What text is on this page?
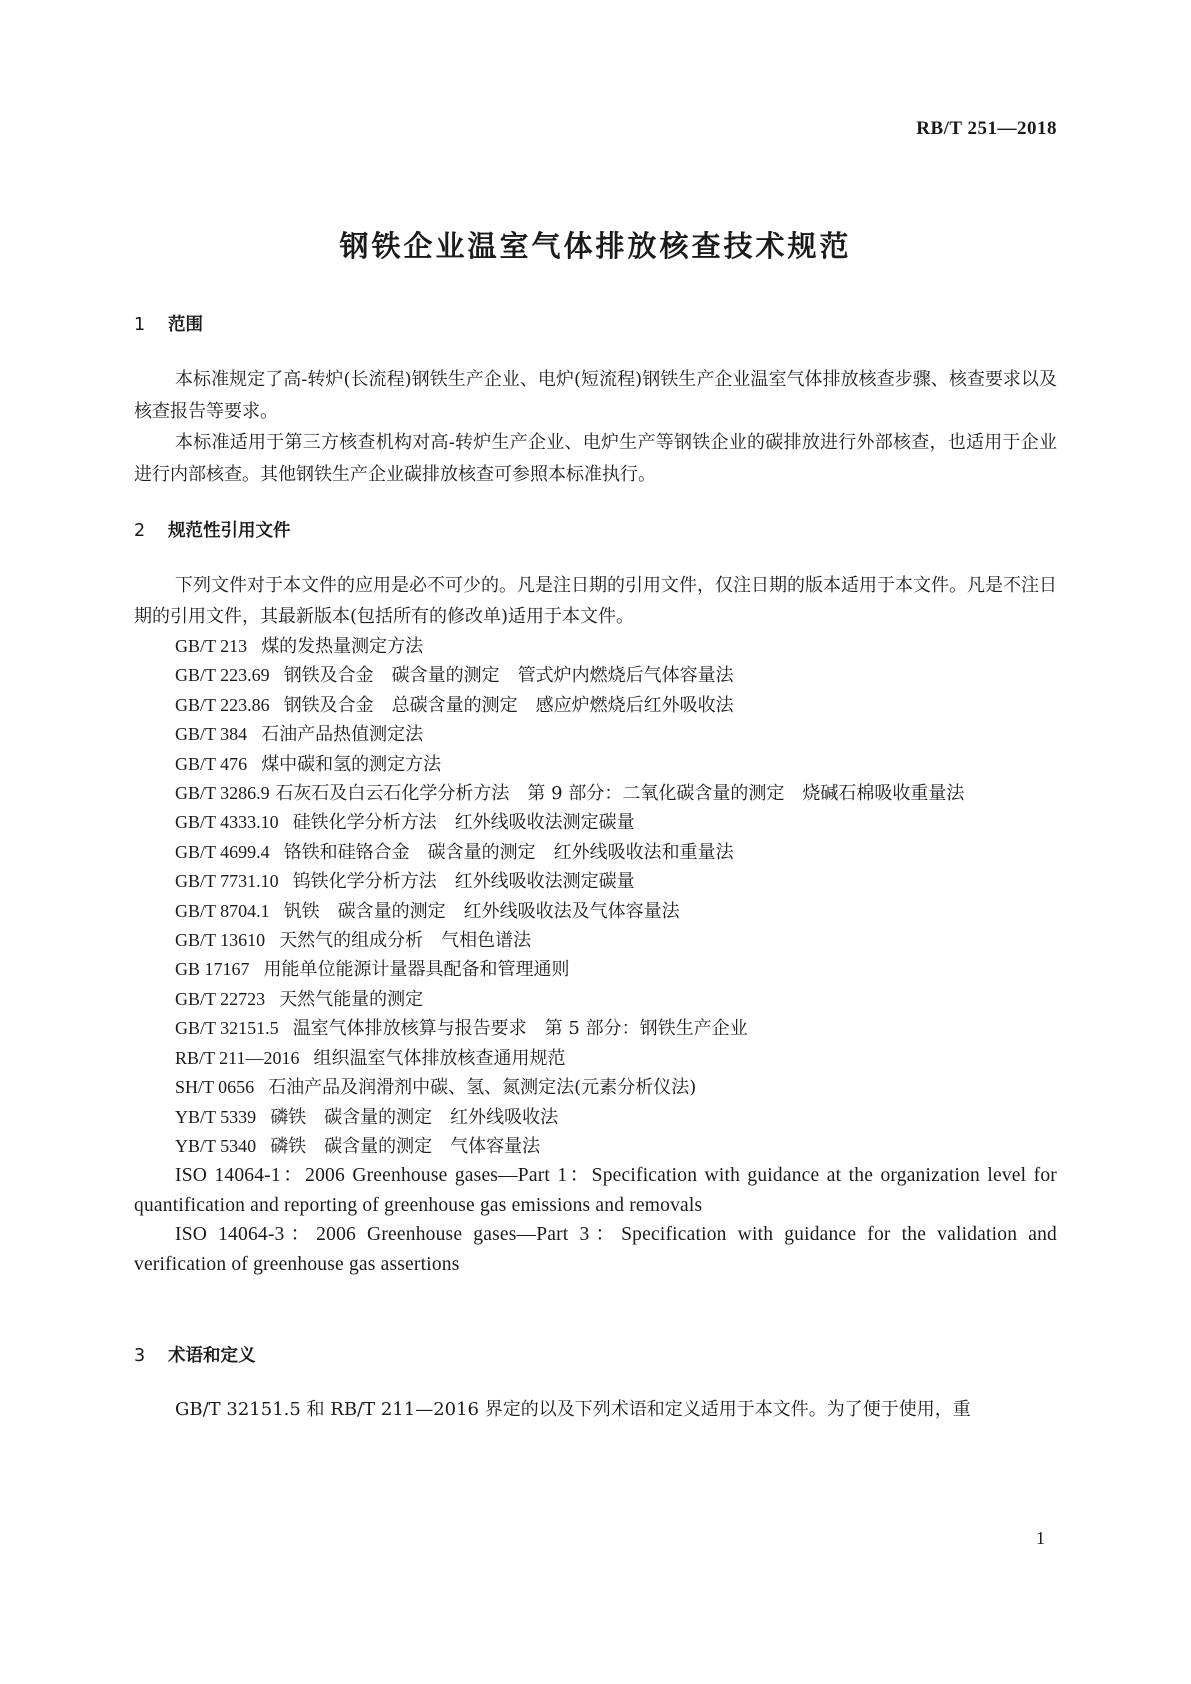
RB/T 251—2018
钢铁企业温室气体排放核查技术规范
1 范围

本标准规定了高-转炉(长流程)钢铁生产企业、电炉(短流程)钢铁生产企业温室气体排放核查步骤、核查要求以及核查报告等要求。

本标准适用于第三方核查机构对高-转炉生产企业、电炉生产等钢铁企业的碳排放进行外部核查，也适用于企业进行内部核查。其他钢铁生产企业碳排放核查可参照本标准执行。

2 规范性引用文件

下列文件对于本文件的应用是必不可少的。凡是注日期的引用文件，仅注日期的版本适用于本文件。凡是不注日期的引用文件，其最新版本(包括所有的修改单)适用于本文件。

GB/T 213 煤的发热量测定方法

GB/T 223.69 钢铁及合金　碳含量的测定　管式炉内燃烧后气体容量法

GB/T 223.86 钢铁及合金　总碳含量的测定　感应炉燃烧后红外吸收法

GB/T 384 石油产品热值测定法

GB/T 476 煤中碳和氢的测定方法

GB/T 3286.9 石灰石及白云石化学分析方法　第 9 部分：二氧化碳含量的测定　烧碱石棉吸收重量法

GB/T 4333.10 硅铁化学分析方法　红外线吸收法测定碳量

GB/T 4699.4 铬铁和硅铬合金　碳含量的测定　红外线吸收法和重量法

GB/T 7731.10 钨铁化学分析方法　红外线吸收法测定碳量

GB/T 8704.1 钒铁　碳含量的测定　红外线吸收法及气体容量法

GB/T 13610 天然气的组成分析　气相色谱法

GB 17167 用能单位能源计量器具配备和管理通则

GB/T 22723 天然气能量的测定

GB/T 32151.5 温室气体排放核算与报告要求　第 5 部分：钢铁生产企业

RB/T 211—2016 组织温室气体排放核查通用规范

SH/T 0656 石油产品及润滑剂中碳、氢、氮测定法(元素分析仪法)

YB/T 5339 磷铁　碳含量的测定　红外线吸收法

YB/T 5340 磷铁　碳含量的测定　气体容量法

ISO 14064-1：2006 Greenhouse gases—Part 1：Specification with guidance at the organization level for quantification and reporting of greenhouse gas emissions and removals

ISO 14064-3：2006 Greenhouse gases—Part 3：Specification with guidance for the validation and verification of greenhouse gas assertions

3 术语和定义

GB/T 32151.5 和 RB/T 211—2016 界定的以及下列术语和定义适用于本文件。为了便于使用，重

1
